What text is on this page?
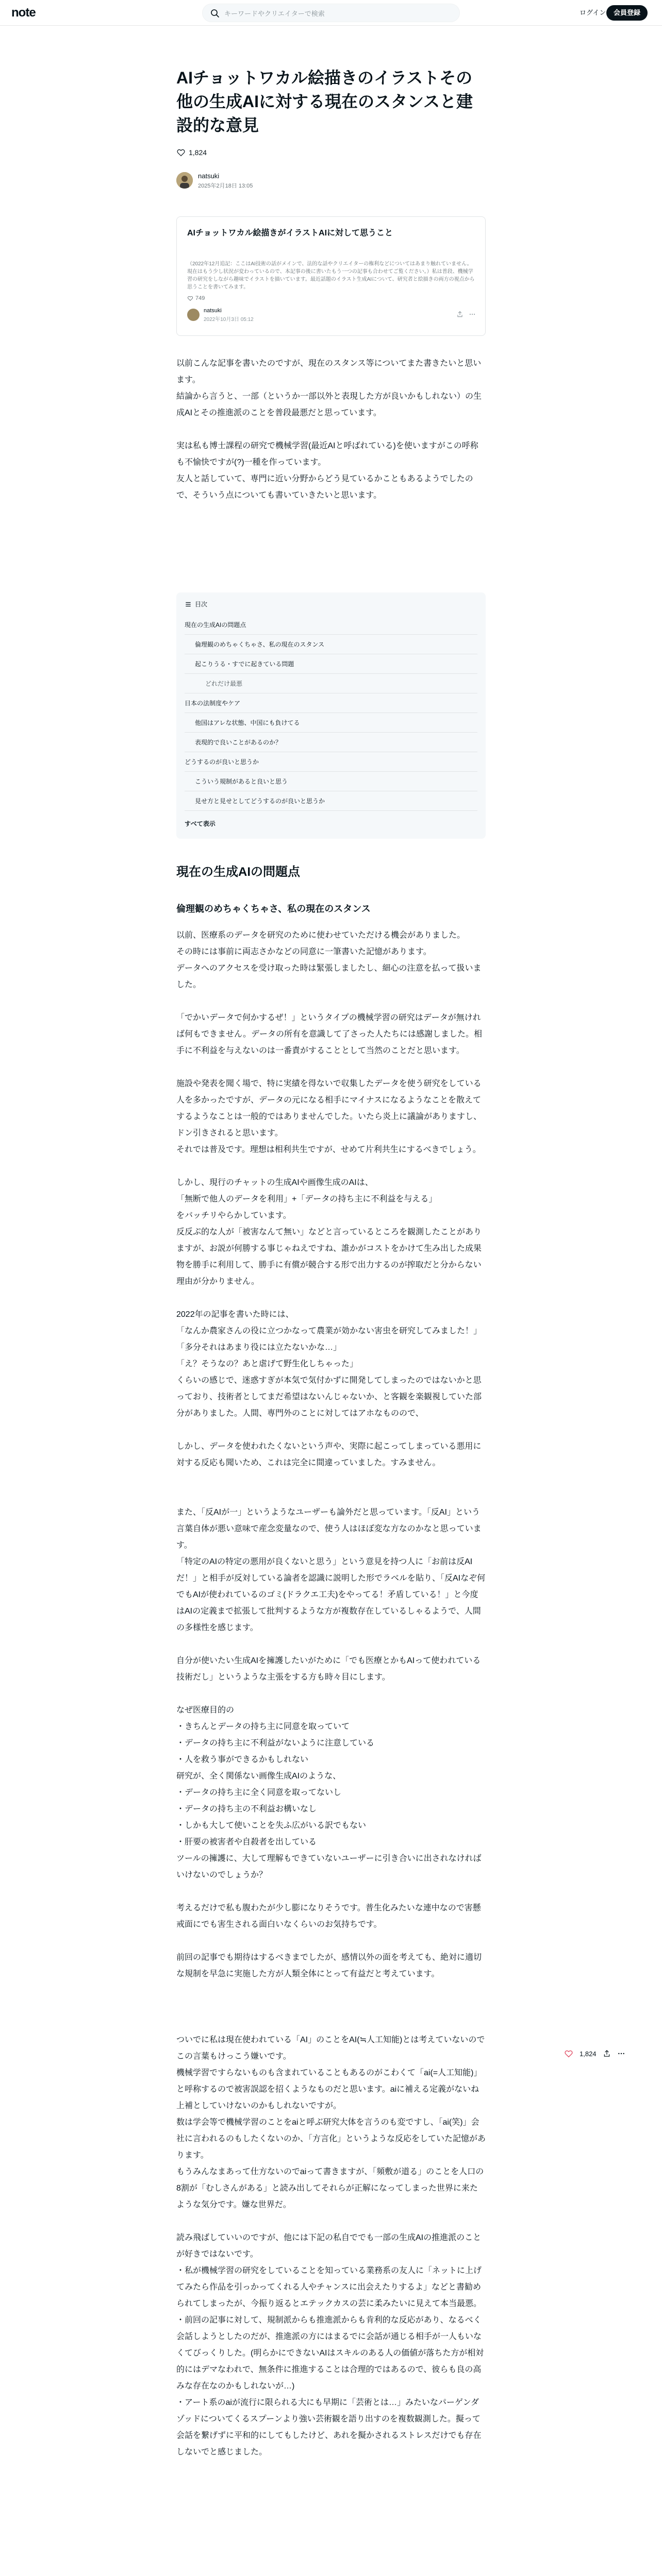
note
キーワードやクリエイターで検索	ログイン	会員登録
AIチョットワカル絵描きのイラストその他の生成AIに対する現在のスタンスと建設的な意見
1,824
natsuki
2025年2月18日 13:05
AIチョットワカル絵描きがイラストAIに対して思うこと

（2022年12月追記：ここはAI技術の話がメインで、法的な話やクリエイターの権利などについてはあまり触れていません。現在はもう少し状況が変わっているので、本記事の後に書いたもう一つの記事も合わせてご覧ください。）私は普段、機械学習の研究をしながら趣味でイラストを描いています。最近話題のイラスト生成AIについて、研究者と絵描きの両方の視点から思うことを書いてみます。

749
natsuki
2022年10月3日 05:12
以前こんな記事を書いたのですが、現在のスタンス等についてまた書きたいと思います。
結論から言うと、一部（というか一部以外と表現した方が良いかもしれない）の生成AIとその推進派のことを普段最悪だと思っています。
実は私も博士課程の研究で機械学習(最近AIと呼ばれている)を使いますがこの呼称も不愉快ですが(?)一種を作っています。
友人と話していて、専門に近い分野からどう見ているかこともあるようでしたので、そういう点についても書いていきたいと思います。
目次
現在の生成AIの問題点
倫理観のめちゃくちゃさ、私の現在のスタンス
起こりうる・すでに起きている問題
どれだけ最悪
日本の法制度やケア
他国はアレな状態、中国にも負けてる
表現的で良いことがあるのか？
どうするのが良いと思うか
こういう規制があると良いと思う
見せ方と見せとしてどうするのが良いと思うか
すべて表示
現在の生成AIの問題点
倫理観のめちゃくちゃさ、私の現在のスタンス
以前、医療系のデータを研究のために使わせていただける機会がありました。
その時には事前に両志さかなどの同意に一筆書いた記憶があります。
データへのアクセスを受け取った時は緊張しましたし、細心の注意を払って扱いました。
「でかいデータで何かするぜ！」というタイプの機械学習の研究はデータが無ければ何もできません。データの所有を意識して了さった人たちには感謝しました。相手に不利益を与えないのは一番責がすることとして当然のことだと思います。
施設や発表を聞く場で、特に実績を得ないで収集したデータを使う研究をしている人を多かったですが、データの元になる相手にマイナスになるようなことを散えてするようなことは一般的ではありませんでした。いたら炎上に議論がありますし、ドン引きされると思います。
それでは普及です。理想は相利共生ですが、せめて片利共生にするべきでしょう。
しかし、現行のチャットの生成AIや画像生成のAIは、
「無断で他人のデータを利用」+「データの持ち主に不利益を与える」
をバッチリやらかしています。
反反ぷ的な人が「被害なんて無い」などと言っているところを観測したことがありますが、お説が何勝する事じゃねえですね、誰かがコストをかけて生み出した成果物を勝手に利用して、勝手に有償が競合する形で出力するのが搾取だと分からない理由が分かりません。
2022年の記事を書いた時には、
「なんか農家さんの役に立つかなって農業が効かない害虫を研究してみました！」
「多分それはあまり役には立たないかな…」
「え？そうなの？あと虐げて野生化しちゃった」
くらいの感じで、迷惑すぎが本気で気付かずに開発してしまったのではないかと思っており、技術者としてまだ希望はないんじゃないか、と客観を楽観視していた部分がありました。人間、専門外のことに対してはアホなものので、
しかし、データを使われたくないという声や、実際に起こってしまっている悪用に対する反応も聞いため、これは完全に間違っていました。すみません。
また、「反AIが一」というようなユーザーも論外だと思っています。「反AI」という言葉自体が悪い意味で産念変量なので、使う人はほぼ変な方なのかなと思っています。
「特定のAIの特定の悪用が良くないと思う」という意見を持つ人に「お前は反AIだ！」と相手が反対している論者を認識に説明した形でラベルを貼り、「反AIなぞ何でもAIが使われているのゴミ(ドラクエ工夫)をやってる！矛盾している！」と今度はAIの定義まで拡張して批判するような方が複数存在しているしゃるようで、人間の多様性を感じます。
自分が使いたい生成AIを擁護したいがために「でも医療とかもAIって使われている技術だし」というような主張をする方も時々目にします。
なぜ医療目的の
・きちんとデータの持ち主に同意を取っていて
・データの持ち主に不利益がないように注意している
・人を救う事ができるかもしれない
研究が、全く関係ない画像生成AIのような、
・データの持ち主に全く同意を取ってないし
・データの持ち主の不利益お構いなし
・しかも大して使いことを失ふ広がいる訳でもない
・肝要の被害者や自殺者を出している
ツールの擁護に、大して理解もできていないユーザーに引き合いに出されなければいけないのでしょうか？
考えるだけで私も腹わたが少し膨になりそうです。普生化みたいな連中なので害懸戒面にでも害生される面白いなくらいのお気持ちです。
前回の記事でも期待はするべきまでしたが、感情以外の面を考えても、絶対に適切な規制を早急に実施した方が人類全体にとって有益だと考えています。
ついでに私は現在使われている「AI」のことをAI(≒人工知能)とは考えていないのでこの言葉もけっこう嫌いです。
機械学習ですらないものも含まれていることもあるのがこわくて「ai(=人工知能)」と呼称するので被害誤認を招くようなものだと思います。aiに補える定義がないね上補としていけないのかもしれないですが。
数は学会等で機械学習のことをaiと呼ぶ研究大体を言うのも変ですし、「ai(笑)」会社に言われるのもしたくないのか、「方言化」というような反応をしていた記憶があります。
もうみんなまあって仕方ないのでaiって書きますが、「頻敷が道る」のことを人口の8割が「むしさんがある」と読み出してそれらが正解になってしまった世界に来たような気分です。嫌な世界だ。
読み飛ばしていいのですが、他には下記の私自ででも一部の生成AIの推進派のことが好きではないです。
・私が機械学習の研究をしていることを知っている業務系の友人に「ネットに上げてみたら作品を引っかってくれる人やチャンスに出会えたりするよ」などと書勧められてしまったが、今振り返るとエテックカスの芸に柔みたいに見えて本当最悪。
・前回の記事に対して、規制派からも推進派からも肯利的な反応があり、なるべく会話しようとしたのだが、推進派の方にはまるでに会話が通じる相手が一人もいなくてびっくりした。(明らかにできないAIはスキルのある人の価値が落ちた方が相対的にはデマなわれで、無条件に推進することは合理的ではあるので、彼らも良の高みな存在なのかもしれないが…)
・アート系のaiが流行に限られる大にも早期に「芸術とは…」みたいなパーゲンダゾッドについてくるスプーンより強い芸術観を語り出すのを複数観測した。擬って会話を繋げずに平和的にしてもしたけど、あれを擬かされるストレスだけでも存在しないでと感じました。

1,824
